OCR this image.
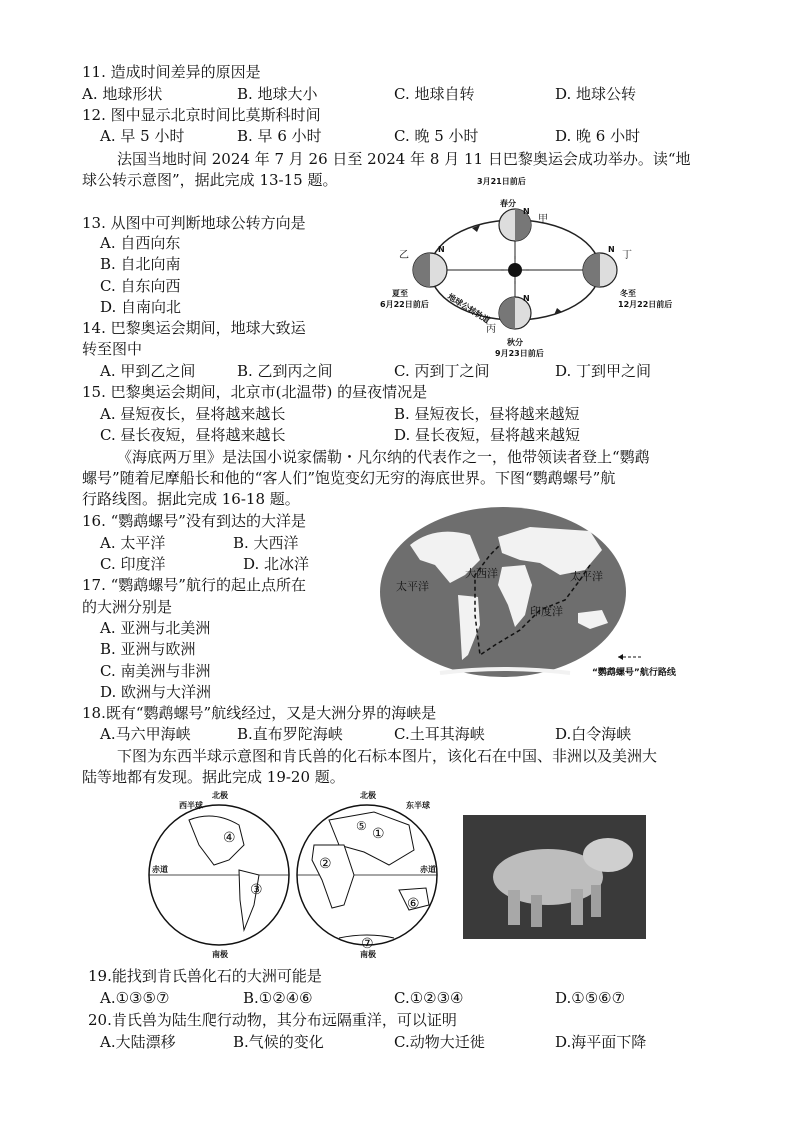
11. 造成时间差异的原因是
A. 地球形状	B. 地球大小	C. 地球自转	D. 地球公转
12. 图中显示北京时间比莫斯科时间
A. 早 5 小时	B. 早 6 小时	C. 晚 5 小时	D. 晚 6 小时
法国当地时间 2024 年 7 月 26 日至 2024 年 8 月 11 日巴黎奥运会成功举办。读“地
球公转示意图”，据此完成 13-15 题。
13. 从图中可判断地球公转方向是
A. 自西向东
B. 自北向南
C. 自东向西
D. 自南向北
14. 巴黎奥运会期间，地球大致运
转至图中
A. 甲到乙之间	B. 乙到丙之间	C. 丙到丁之间	D. 丁到甲之间
15. 巴黎奥运会期间，北京市(北温带) 的昼夜情况是
A. 昼短夜长，昼将越来越长	B. 昼短夜长，昼将越来越短
C. 昼长夜短，昼将越来越长	D. 昼长夜短，昼将越来越短
《海底两万里》是法国小说家儒勒・凡尔纳的代表作之一，他带领读者登上“鹦鹉
螺号”随着尼摩船长和他的“客人们”饱览变幻无穷的海底世界。下图“鹦鹉螺号”航
行路线图。据此完成 16-18 题。
16. “鹦鹉螺号”没有到达的大洋是
A. 太平洋	B. 大西洋
C. 印度洋	D. 北冰洋
17. “鹦鹉螺号”航行的起止点所在
的大洲分别是
A. 亚洲与北美洲
B. 亚洲与欧洲
C. 南美洲与非洲
D. 欧洲与大洋洲
18.既有“鹦鹉螺号”航线经过，又是大洲分界的海峡是
A.马六甲海峡	B.直布罗陀海峡	C.土耳其海峡	D.白令海峡
下图为东西半球示意图和肯氏兽的化石标本图片，该化石在中国、非洲以及美洲大
陆等地都有发现。据此完成 19-20 题。
19.能找到肯氏兽化石的大洲可能是
A.①③⑤⑦	B.①②④⑥	C.①②③④	D.①⑤⑥⑦
20.肯氏兽为陆生爬行动物，其分布远隔重洋，可以证明
A.大陆漂移	B.气候的变化	C.动物大迁徙	D.海平面下降
3月21日前后
春分
甲
乙
夏至
6月22日前后
丁
冬至
12月22日前后
丙
秋分
9月23日前后
地球公转轨道
N
N	N
N
太平洋
大西洋
印度洋
太平洋
“鹦鹉螺号”航行路线
西半球	东半球
北极	北极
南极	南极
赤道	赤道
④
③
①
②
⑤
⑥
⑦
